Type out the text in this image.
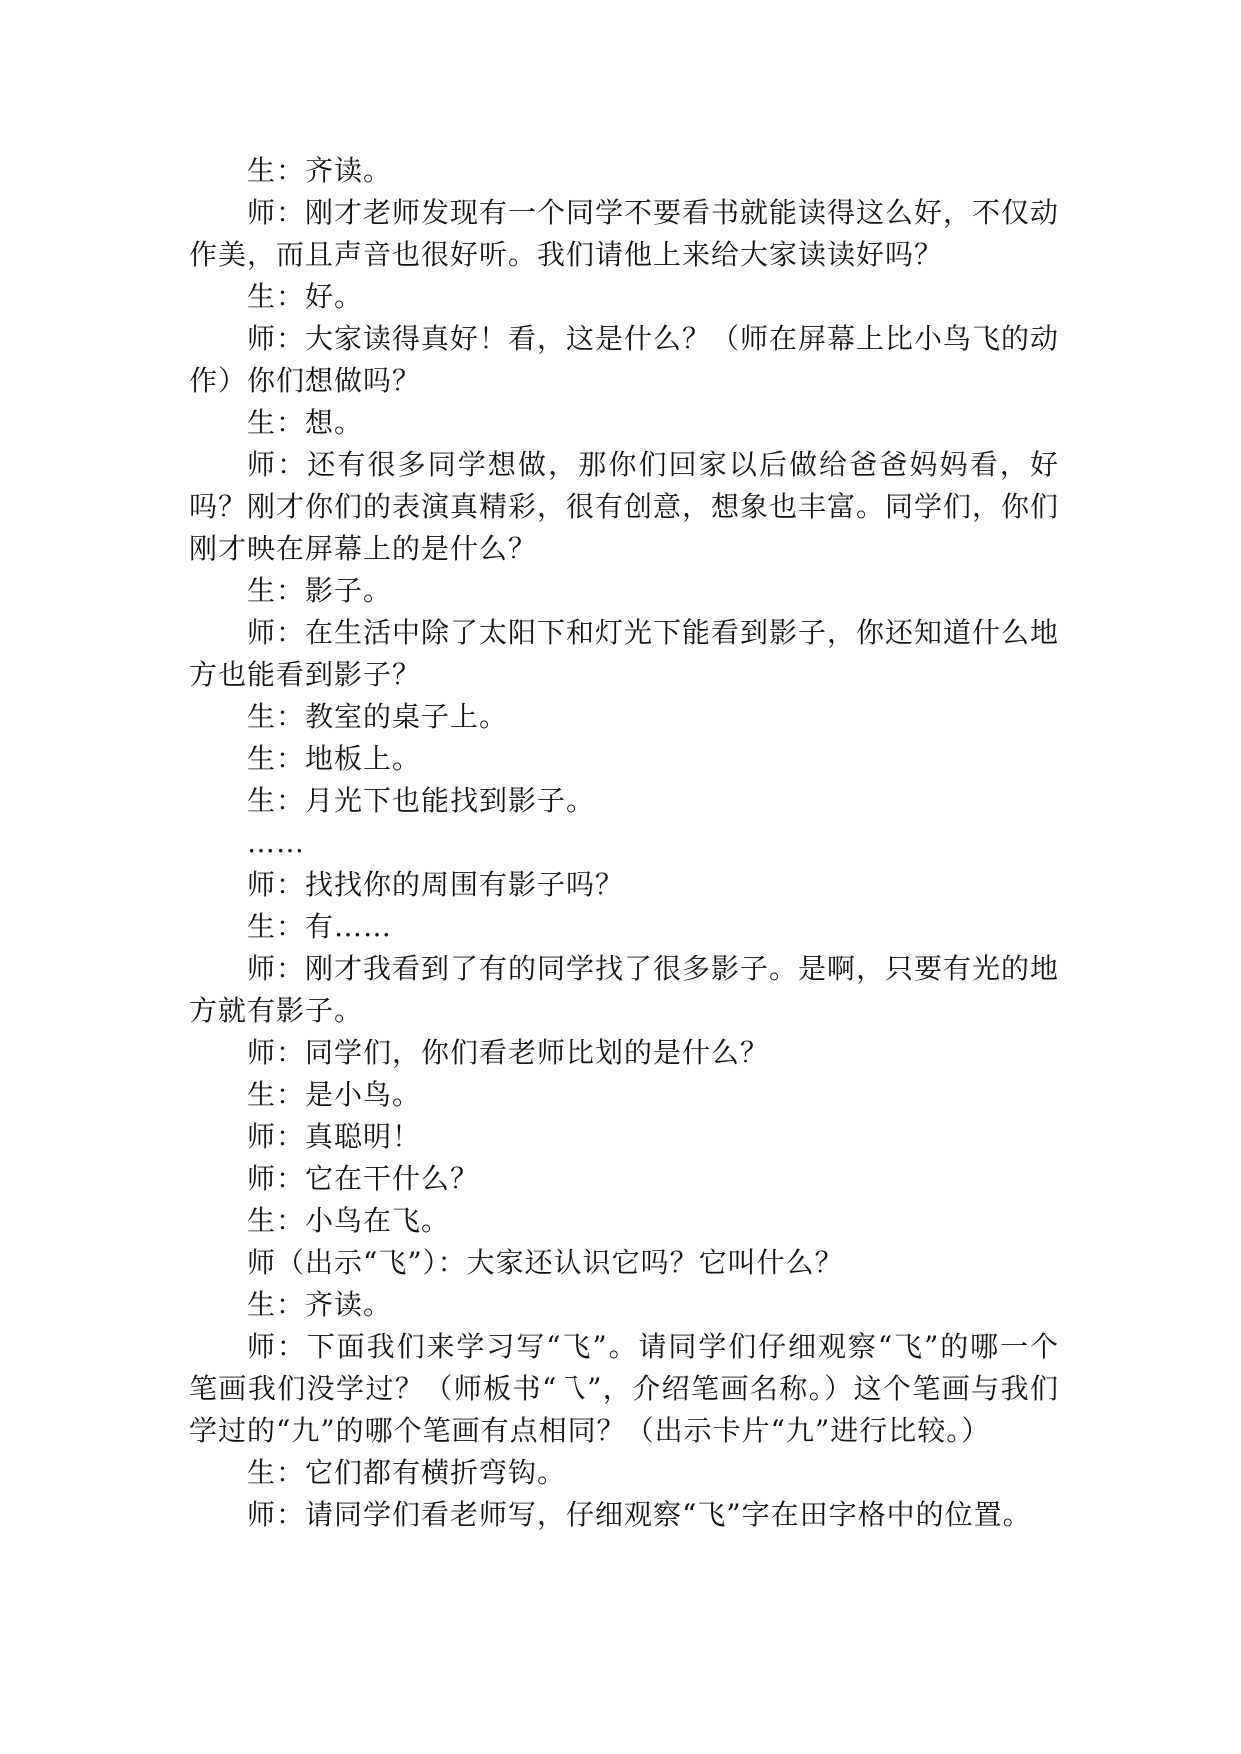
生：齐读。

师：刚才老师发现有一个同学不要看书就能读得这么好，不仅动作美，而且声音也很好听。我们请他上来给大家读读好吗？

生：好。

师：大家读得真好！看，这是什么？（师在屏幕上比小鸟飞的动作）你们想做吗？

生：想。

师：还有很多同学想做，那你们回家以后做给爸爸妈妈看，好吗？刚才你们的表演真精彩，很有创意，想象也丰富。同学们，你们刚才映在屏幕上的是什么？

生：影子。

师：在生活中除了太阳下和灯光下能看到影子，你还知道什么地方也能看到影子？

生：教室的桌子上。

生：地板上。

生：月光下也能找到影子。

……

师：找找你的周围有影子吗？

生：有……

师：刚才我看到了有的同学找了很多影子。是啊，只要有光的地方就有影子。

师：同学们，你们看老师比划的是什么？

生：是小鸟。

师：真聪明！

师：它在干什么？

生：小鸟在飞。

师（出示“飞”）：大家还认识它吗？它叫什么？

生：齐读。

师：下面我们来学习写“飞”。请同学们仔细观察“飞”的哪一个笔画我们没学过？（师板书“乁”，介绍笔画名称。）这个笔画与我们学过的“九”的哪个笔画有点相同？（出示卡片“九”进行比较。）

生：它们都有横折弯钩。

师：请同学们看老师写，仔细观察“飞”字在田字格中的位置。
